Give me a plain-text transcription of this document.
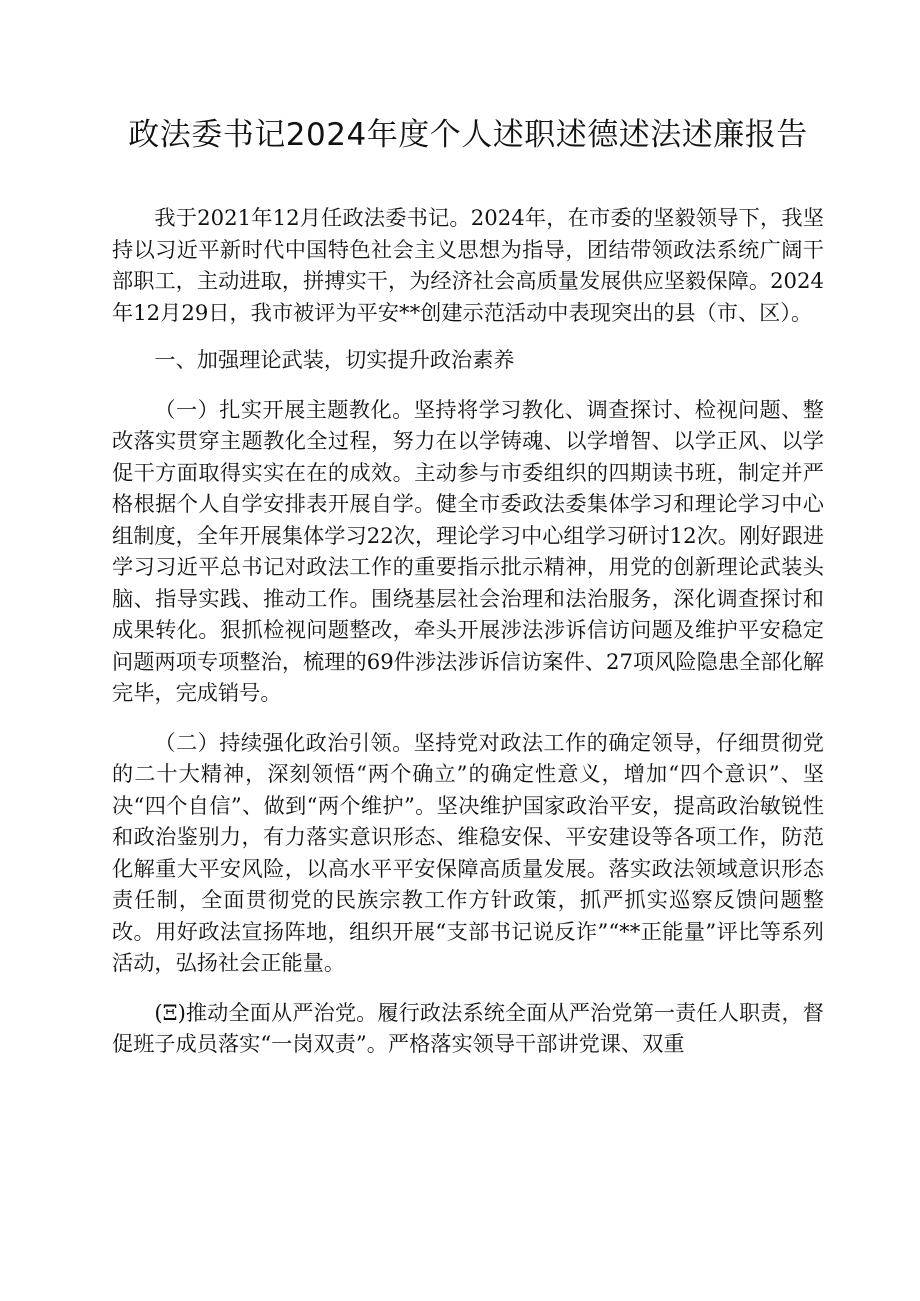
政法委书记2024年度个人述职述德述法述廉报告

我于2021年12月任政法委书记。2024年，在市委的坚毅领导下，我坚持以习近平新时代中国特色社会主义思想为指导，团结带领政法系统广阔干部职工，主动进取，拼搏实干，为经济社会高质量发展供应坚毅保障。2024年12月29日，我市被评为平安**创建示范活动中表现突出的县（市、区）。

一、加强理论武装，切实提升政治素养

（一）扎实开展主题教化。坚持将学习教化、调查探讨、检视问题、整改落实贯穿主题教化全过程，努力在以学铸魂、以学增智、以学正风、以学促干方面取得实实在在的成效。主动参与市委组织的四期读书班，制定并严格根据个人自学安排表开展自学。健全市委政法委集体学习和理论学习中心组制度，全年开展集体学习22次，理论学习中心组学习研讨12次。刚好跟进学习习近平总书记对政法工作的重要指示批示精神，用党的创新理论武装头脑、指导实践、推动工作。围绕基层社会治理和法治服务，深化调查探讨和成果转化。狠抓检视问题整改，牵头开展涉法涉诉信访问题及维护平安稳定问题两项专项整治，梳理的69件涉法涉诉信访案件、27项风险隐患全部化解完毕，完成销号。

（二）持续强化政治引领。坚持党对政法工作的确定领导，仔细贯彻党的二十大精神，深刻领悟“两个确立”的确定性意义，增加“四个意识”、坚决“四个自信”、做到“两个维护”。坚决维护国家政治平安，提高政治敏锐性和政治鉴别力，有力落实意识形态、维稳安保、平安建设等各项工作，防范化解重大平安风险，以高水平平安保障高质量发展。落实政法领域意识形态责任制，全面贯彻党的民族宗教工作方针政策，抓严抓实巡察反馈问题整改。用好政法宣扬阵地，组织开展“支部书记说反诈”“**正能量”评比等系列活动，弘扬社会正能量。

(Ξ)推动全面从严治党。履行政法系统全面从严治党第一责任人职责，督促班子成员落实“一岗双责”。严格落实领导干部讲党课、双重
